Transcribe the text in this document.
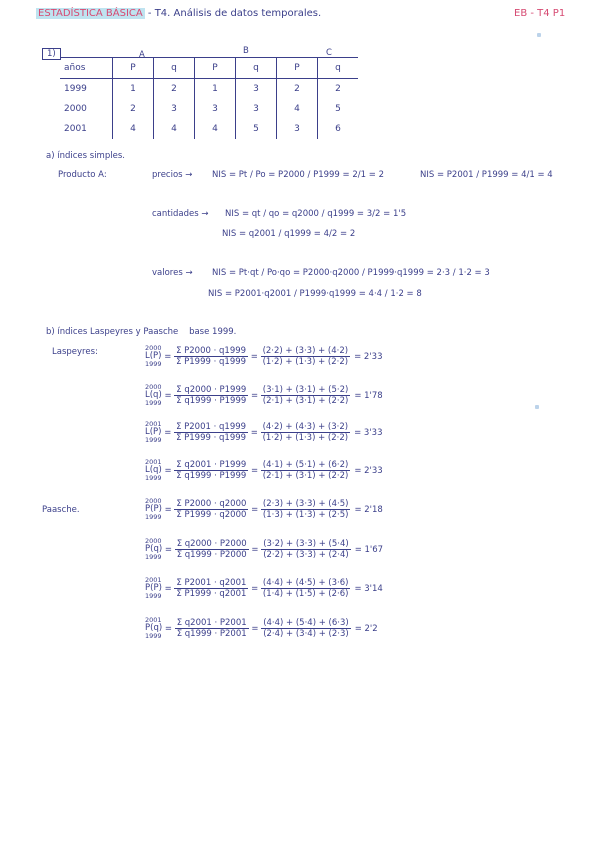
ESTADÍSTICA BÁSICA - T4. Análisis de datos temporales.	EB - T4 P1
1)	A	B	C
años	P	q	P	q	P	q
1999	1	2	1	3	2	2
2000	2	3	3	3	4	5
2001	4	4	4	5	3	6
a) índices simples.
Producto A:	precios → NIS = Pt / Po = P2000 / P1999 = 2/1 = 2	NIS = P2001 / P1999 = 4/1 = 4
cantidades → NIS = qt / qo = q2000 / q1999 = 3/2 = 1'5
NIS = q2001 / q1999 = 4/2 = 2
valores → NIS = Pt·qt / Po·qo = P2000·q2000 / P1999·q1999 = 2·3 / 1·2 = 3
NIS = P2001·q2001 / P1999·q1999 = 4·4 / 1·2 = 8
b) índices Laspeyres y Paasche base 1999.
Laspeyres:
Paasche.
2000
L(P)
1999
= $\frac{\text{Σ P2000 · q1999}}{\text{Σ P1999 · q1999}} = \frac{(2\cdot 2) + (3\cdot 3) + (4\cdot 2)}{(1\cdot 2) + (1\cdot 3) + (2\cdot 2)} = 2'33$
2000
L(q)
1999
= $\frac{\text{Σ q2000 · P1999}}{\text{Σ q1999 · P1999}} = \frac{(3\cdot 1) + (3\cdot 1) + (5\cdot 2)}{(2\cdot 1) + (3\cdot 1) + (2\cdot 2)} = 1'78$
2001
L(P)
1999
= $\frac{\text{Σ P2001 · q1999}}{\text{Σ P1999 · q1999}} = \frac{(4\cdot 2) + (4\cdot 3) + (3\cdot 2)}{(1\cdot 2) + (1\cdot 3) + (2\cdot 2)} = 3'33$
2001
L(q)
1999
= $\frac{\text{Σ q2001 · P1999}}{\text{Σ q1999 · P1999}} = \frac{(4\cdot 1) + (5\cdot 1) + (6\cdot 2)}{(2\cdot 1) + (3\cdot 1) + (2\cdot 2)} = 2'33$
2000
P(P)
1999
= $\frac{\text{Σ P2000 · q2000}}{\text{Σ P1999 · q2000}} = \frac{(2\cdot 3) + (3\cdot 3) + (4\cdot 5)}{(1\cdot 3) + (1\cdot 3) + (2\cdot 5)} = 2'18$
2000
P(q)
1999
= $\frac{\text{Σ q2000 · P2000}}{\text{Σ q1999 · P2000}} = \frac{(3\cdot 2) + (3\cdot 3) + (5\cdot 4)}{(2\cdot 2) + (3\cdot 3) + (2\cdot 4)} = 1'67$
2001
P(P)
1999
= $\frac{\text{Σ P2001 · q2001}}{\text{Σ P1999 · q2001}} = \frac{(4\cdot 4) + (4\cdot 5) + (3\cdot 6)}{(1\cdot 4) + (1\cdot 5) + (2\cdot 6)} = 3'14$
2001
P(q)
1999
= $\frac{\text{Σ q2001 · P2001}}{\text{Σ q1999 · P2001}} = \frac{(4\cdot 4) + (5\cdot 4) + (6\cdot 3)}{(2\cdot 4) + (3\cdot 4) + (2\cdot 3)} = 2'2$
